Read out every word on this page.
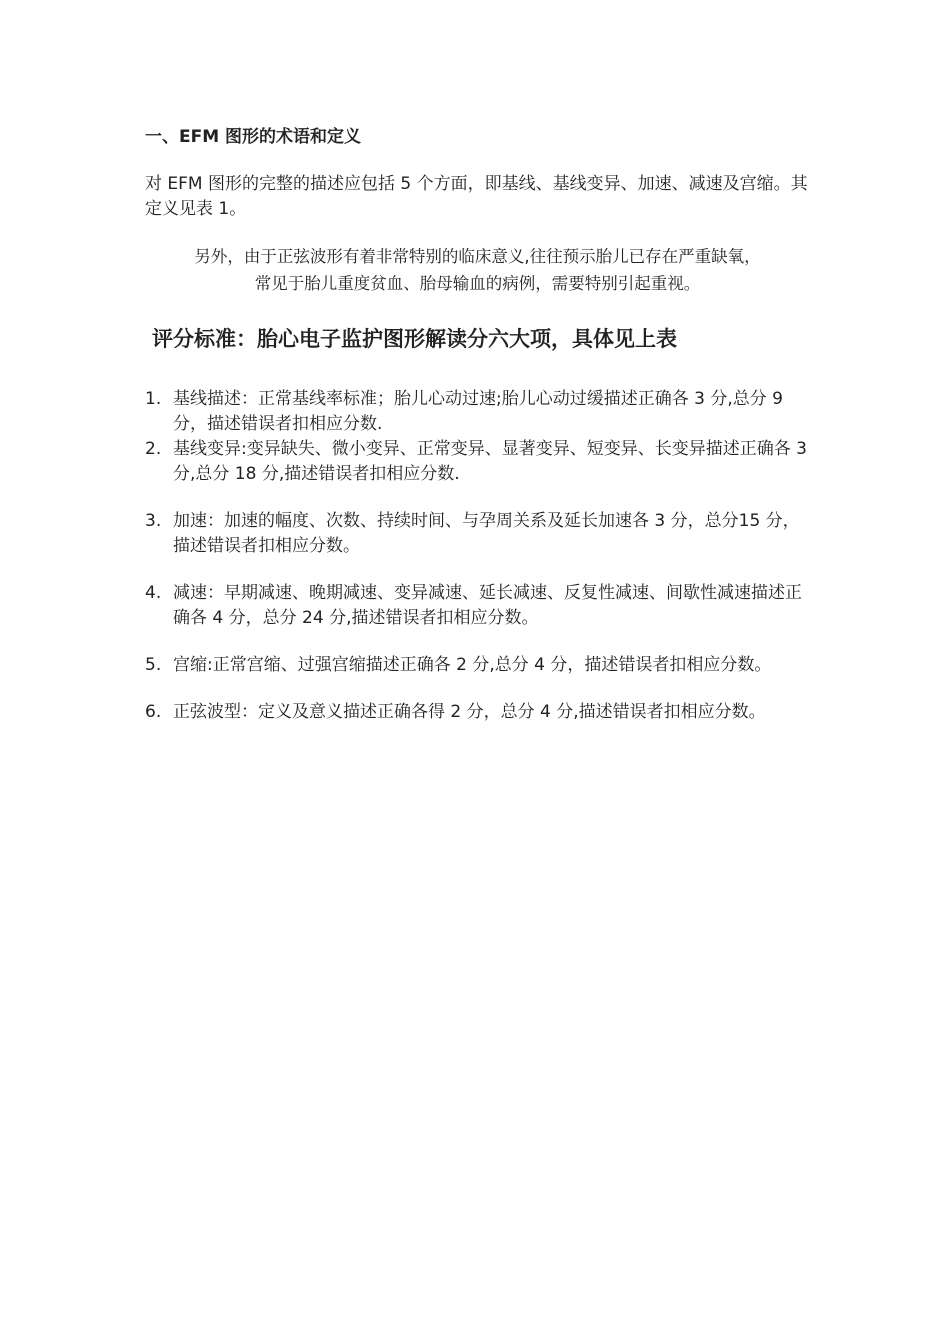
一、EFM 图形的术语和定义
对 EFM 图形的完整的描述应包括 5 个方面，即基线、基线变异、加速、减速及宫缩。其定义见表 1。
另外，由于正弦波形有着非常特别的临床意义,往往预示胎儿已存在严重缺氧，
常见于胎儿重度贫血、胎母输血的病例，需要特别引起重视。
评分标准：胎心电子监护图形解读分六大项，具体见上表
1. 基线描述：正常基线率标准；胎儿心动过速;胎儿心动过缓描述正确各 3 分,总分 9 分，描述错误者扣相应分数.
2. 基线变异:变异缺失、微小变异、正常变异、显著变异、短变异、长变异描述正确各 3 分,总分 18 分,描述错误者扣相应分数.
3. 加速：加速的幅度、次数、持续时间、与孕周关系及延长加速各 3 分，总分15 分，描述错误者扣相应分数。
4. 减速：早期减速、晚期减速、变异减速、延长减速、反复性减速、间歇性减速描述正确各 4 分，总分 24 分,描述错误者扣相应分数。
5. 宫缩:正常宫缩、过强宫缩描述正确各 2 分,总分 4 分，描述错误者扣相应分数。
6. 正弦波型：定义及意义描述正确各得 2 分，总分 4 分,描述错误者扣相应分数。
